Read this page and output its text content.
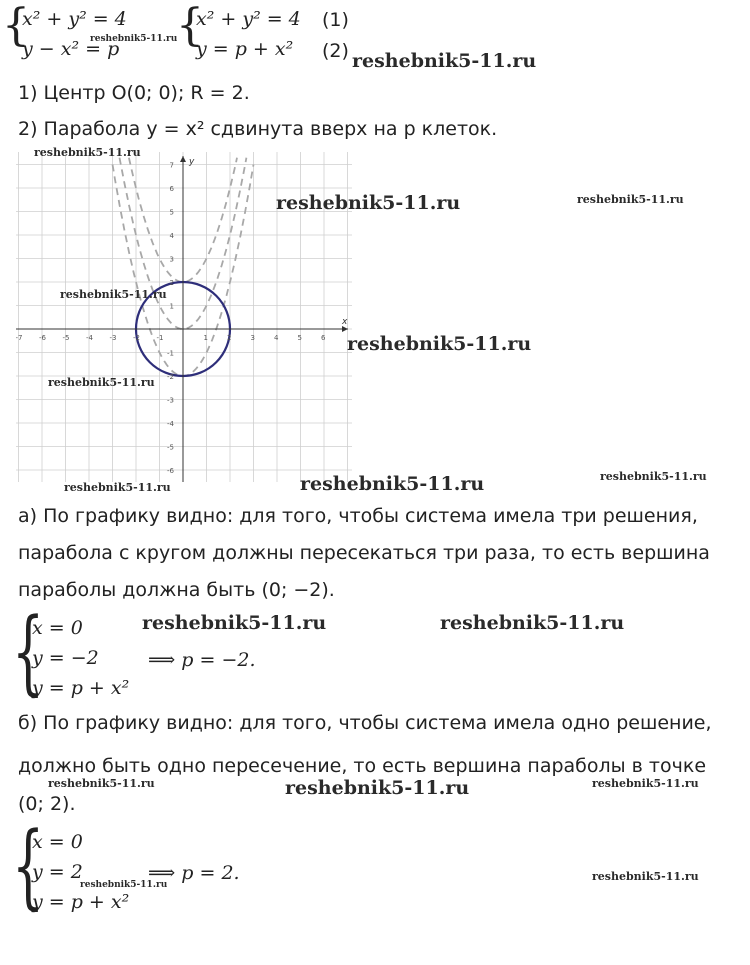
{
x² + y² = 4
y − x² = p {
x² + y² = 4
y = p + x²
(1)
(2)
reshebnik5-11.ru
reshebnik5-11.ru
1) Центр O(0; 0); R = 2.
2) Парабола y = x² сдвинута вверх на p клеток.
x
y
-7 -6 -5 -4 -3 -2 -1	1	2	3	4	5	6
7
6
5
4
3
2
1
-1
-2
-3
-4
-5
-6
reshebnik5-11.ru
reshebnik5-11.ru	reshebnik5-11.ru
reshebnik5-11.ru
reshebnik5-11.ru
reshebnik5-11.ru
reshebnik5-11.ru
reshebnik5-11.ru	reshebnik5-11.ru
а) По графику видно: для того, чтобы система имела три решения,
парабола с кругом должны пересекаться три раза, то есть вершина
параболы должна быть (0; −2).
{
x = 0
y = −2
y = p + x²
⟹ p = −2.
reshebnik5-11.ru	reshebnik5-11.ru
б) По графику видно: для того, чтобы система имела одно решение,
должно быть одно пересечение, то есть вершина параболы в точке
(0; 2).
reshebnik5-11.ru	reshebnik5-11.ru	reshebnik5-11.ru
{
x = 0
y = 2
y = p + x²
⟹ p = 2.
reshebnik5-11.ru
reshebnik5-11.ru
